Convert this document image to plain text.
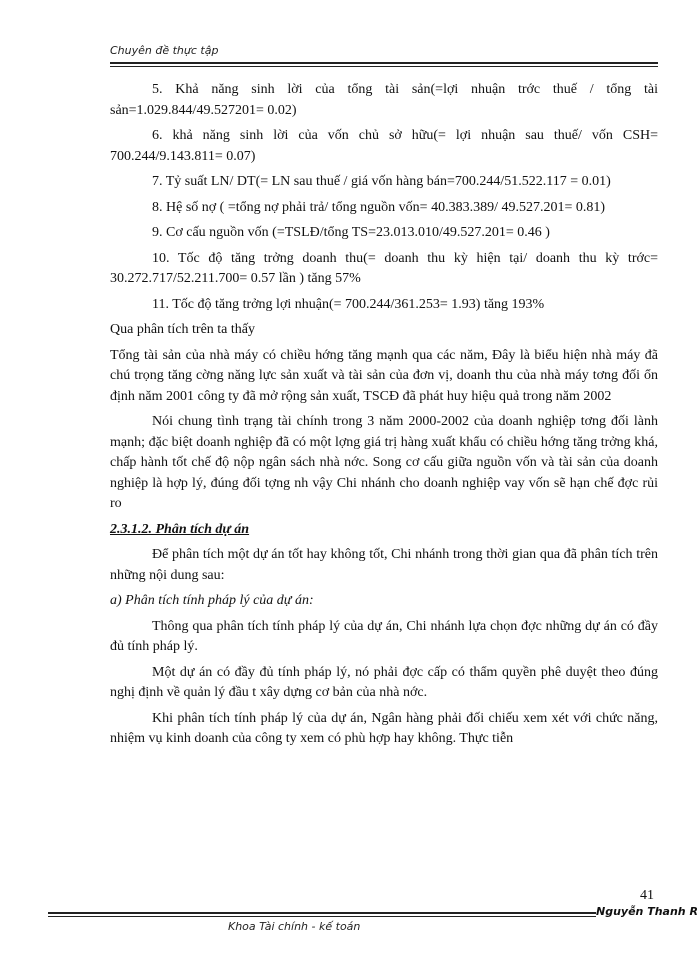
Chuyên đề thực tập

5. Khả năng sinh lời của tổng tài sản(=lợi nhuận trớc thuế / tổng tài sản=1.029.844/49.527201= 0.02)

6. khả năng sinh lời của vốn chủ sở hữu(= lợi nhuận sau thuế/ vốn CSH= 700.244/9.143.811= 0.07)

7. Tỷ suất LN/ DT(= LN sau thuế / giá vốn hàng bán=700.244/51.522.117 = 0.01)

8. Hệ số nợ ( =tổng nợ phải trả/ tổng nguồn vốn= 40.383.389/ 49.527.201= 0.81)

9. Cơ cấu nguồn vốn (=TSLĐ/tổng TS=23.013.010/49.527.201= 0.46 )

10. Tốc độ tăng trởng doanh thu(= doanh thu kỳ hiện tại/ doanh thu kỳ trớc= 30.272.717/52.211.700= 0.57 lần ) tăng 57%

11. Tốc độ tăng trởng lợi nhuận(= 700.244/361.253= 1.93) tăng 193%

Qua phân tích trên ta thấy

Tổng tài sản của nhà máy có chiều hớng tăng mạnh qua các năm, Đây là biểu hiện nhà máy đã chú trọng tăng cờng năng lực sản xuất và tài sản của đơn vị, doanh thu của nhà máy tơng đối ổn định năm 2001 công ty đã mở rộng sản xuất, TSCĐ đã phát huy hiệu quả trong năm 2002

Nói chung tình trạng tài chính trong 3 năm 2000-2002 của doanh nghiệp tơng đối lành mạnh; đặc biệt doanh nghiệp đã có một lợng giá trị hàng xuất khẩu có chiều hớng tăng trởng khá, chấp hành tốt chế độ nộp ngân sách nhà nớc. Song cơ cấu giữa nguồn vốn và tài sản của doanh nghiệp là hợp lý, đúng đối tợng nh vậy Chi nhánh cho doanh nghiệp vay vốn sẽ hạn chế đợc rủi ro

2.3.1.2. Phân tích dự án

Để phân tích một dự án tốt hay không tốt, Chi nhánh trong thời gian qua đã phân tích trên những nội dung sau:

a) Phân tích tính pháp lý của dự án:

Thông qua phân tích tính pháp lý của dự án, Chi nhánh lựa chọn đợc những dự án có đầy đủ tính pháp lý.

Một dự án có đầy đủ tính pháp lý, nó phải đợc cấp có thẩm quyền phê duyệt theo đúng nghị định về quản lý đầu t xây dựng cơ bản của nhà nớc.

Khi phân tích tính pháp lý của dự án, Ngân hàng phải đối chiếu xem xét với chức năng, nhiệm vụ kinh doanh của công ty xem có phù hợp hay không. Thực tiễn

41
Nguyễn Thanh R
Khoa Tài chính - kế toán
